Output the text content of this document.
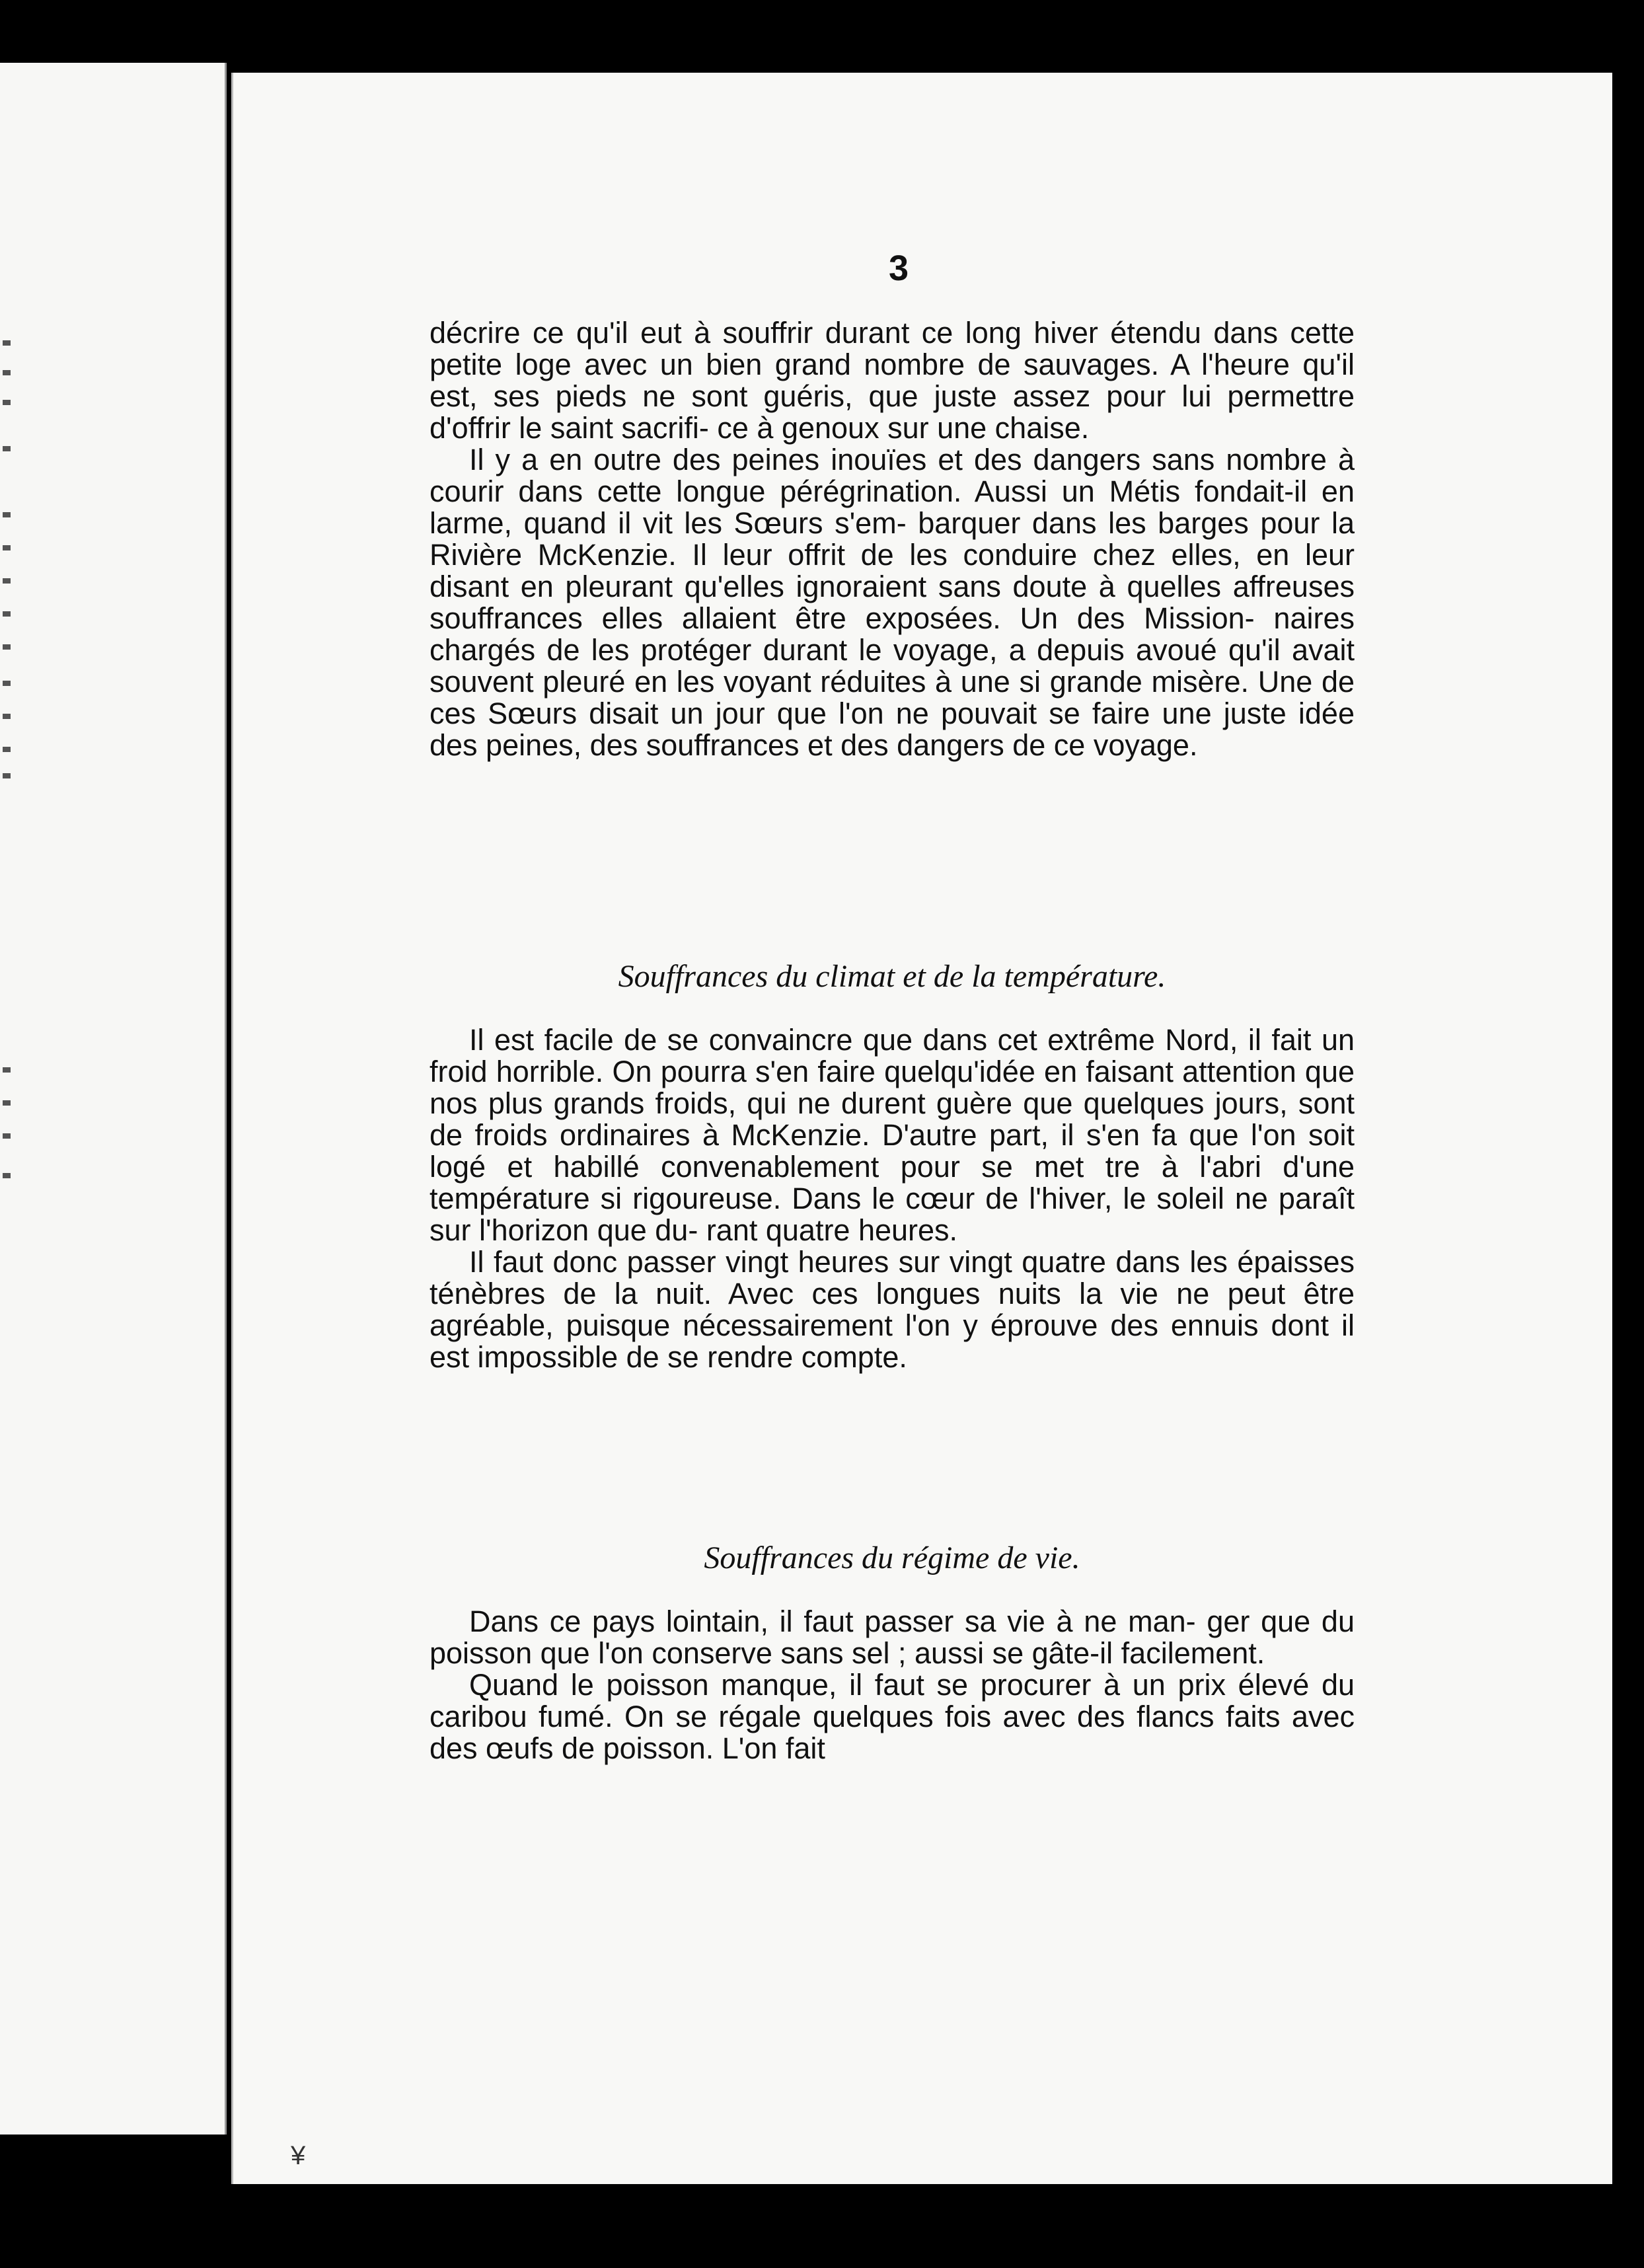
3

décrire ce qu'il eut à souffrir durant ce long hiver étendu dans cette petite loge avec un bien grand nombre de sauvages. A l'heure qu'il est, ses pieds ne sont guéris, que juste assez pour lui permettre d'offrir le saint sacrifi- ce à genoux sur une chaise.

Il y a en outre des peines inouïes et des dangers sans nombre à courir dans cette longue pérégrination. Aussi un Métis fondait-il en larme, quand il vit les Sœurs s'em- barquer dans les barges pour la Rivière McKenzie. Il leur offrit de les conduire chez elles, en leur disant en pleurant qu'elles ignoraient sans doute à quelles affreuses souffrances elles allaient être exposées. Un des Mission- naires chargés de les protéger durant le voyage, a depuis avoué qu'il avait souvent pleuré en les voyant réduites à une si grande misère. Une de ces Sœurs disait un jour que l'on ne pouvait se faire une juste idée des peines, des souffrances et des dangers de ce voyage.

Souffrances du climat et de la température.

Il est facile de se convaincre que dans cet extrême Nord, il fait un froid horrible. On pourra s'en faire quelqu'idée en faisant attention que nos plus grands froids, qui ne durent guère que quelques jours, sont de froids ordinaires à McKenzie. D'autre part, il s'en fa que l'on soit logé et habillé convenablement pour se met tre à l'abri d'une température si rigoureuse. Dans le cœur de l'hiver, le soleil ne paraît sur l'horizon que du- rant quatre heures.

Il faut donc passer vingt heures sur vingt quatre dans les épaisses ténèbres de la nuit. Avec ces longues nuits la vie ne peut être agréable, puisque nécessairement l'on y éprouve des ennuis dont il est impossible de se rendre compte.

Souffrances du régime de vie.

Dans ce pays lointain, il faut passer sa vie à ne man- ger que du poisson que l'on conserve sans sel ; aussi se gâte-il facilement.

Quand le poisson manque, il faut se procurer à un prix élevé du caribou fumé. On se régale quelques fois avec des flancs faits avec des œufs de poisson. L'on fait

¥
